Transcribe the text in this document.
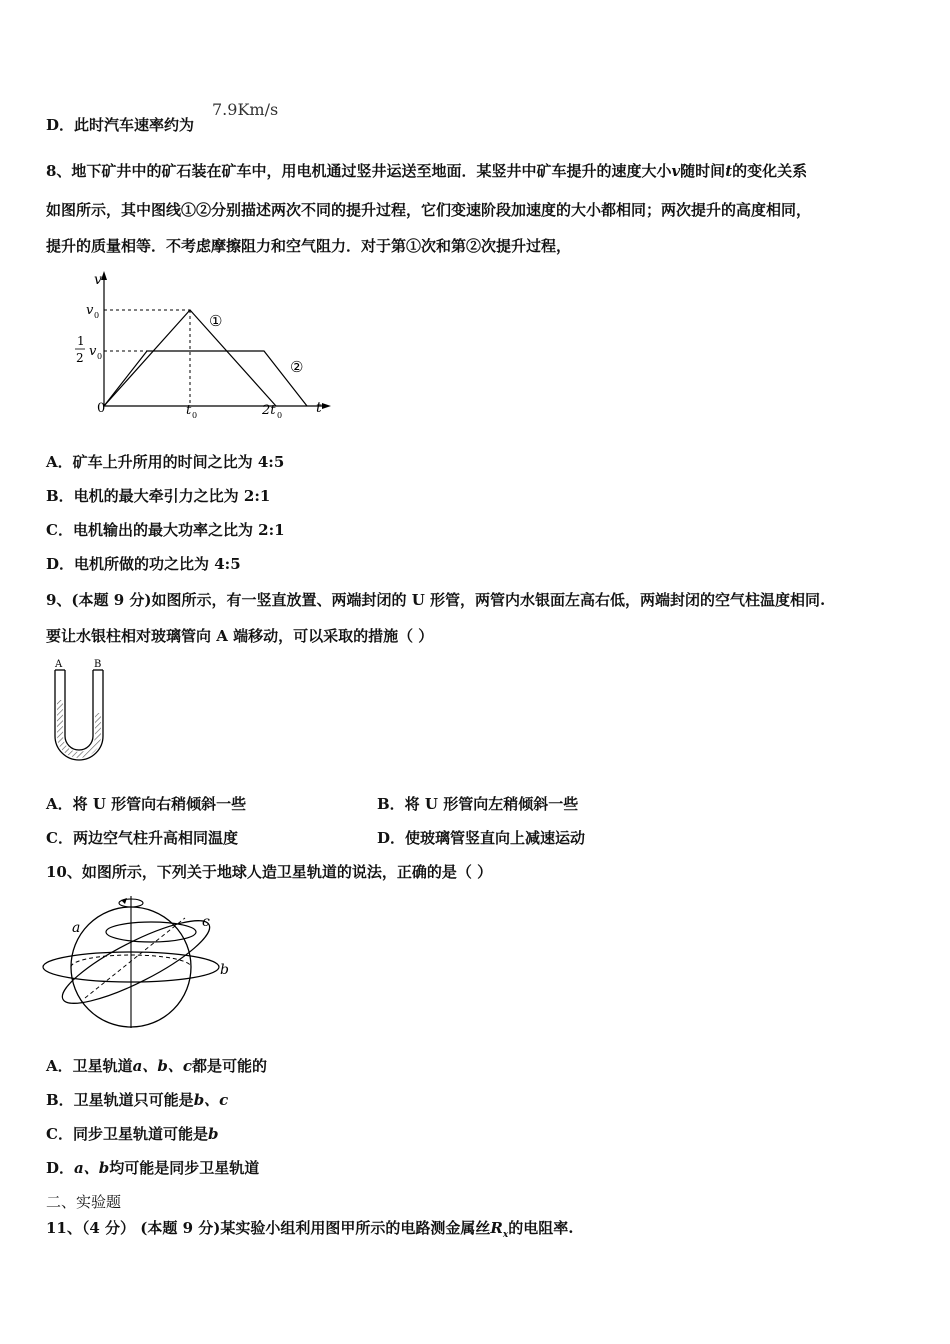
D．此时汽车速率约为
7.9Km/s
8、地下矿井中的矿石装在矿车中，用电机通过竖井运送至地面．某竖井中矿车提升的速度大小v随时间t的变化关系
如图所示，其中图线①②分别描述两次不同的提升过程，它们变速阶段加速度的大小都相同；两次提升的高度相同，
提升的质量相等．不考虑摩擦阻力和空气阻力．对于第①次和第②次提升过程，
v
t
0
v 0
1
2 v 0
t 0	2t 0
①
②
A．矿车上升所用的时间之比为 4:5
B．电机的最大牵引力之比为 2:1
C．电机输出的最大功率之比为 2:1
D．电机所做的功之比为 4:5
9、(本题 9 分)如图所示，有一竖直放置、两端封闭的 U 形管，两管内水银面左高右低，两端封闭的空气柱温度相同.
要让水银柱相对玻璃管向 A 端移动，可以采取的措施（ ）
A	B
A．将 U 形管向右稍倾斜一些	B．将 U 形管向左稍倾斜一些
C．两边空气柱升高相同温度	D．使玻璃管竖直向上减速运动
10、如图所示，下列关于地球人造卫星轨道的说法，正确的是（ ）
a
b
c
A．卫星轨道a、b、c都是可能的
B．卫星轨道只可能是b、c
C．同步卫星轨道可能是b
D．a、b均可能是同步卫星轨道
二、实验题
11、（4 分） (本题 9 分)某实验小组利用图甲所示的电路测金属丝$R_x$的电阻率.
